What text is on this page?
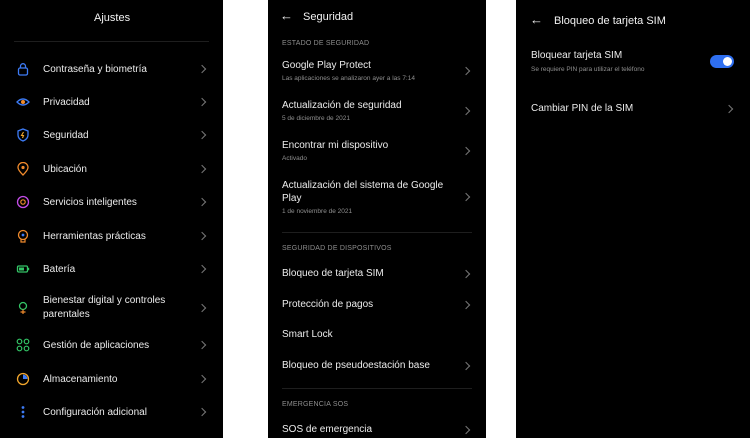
Ajustes
Contraseña y biometría
Privacidad
Seguridad
Ubicación
Servicios inteligentes
Herramientas prácticas
Batería
Bienestar digital y controles parentales
Gestión de aplicaciones
Almacenamiento
Configuración adicional
← Seguridad
ESTADO DE SEGURIDAD
Google Play Protect
Las aplicaciones se analizaron ayer a las 7:14
Actualización de seguridad
5 de diciembre de 2021
Encontrar mi dispositivo
Activado
Actualización del sistema de Google
Play
1 de noviembre de 2021
SEGURIDAD DE DISPOSITIVOS
Bloqueo de tarjeta SIM
Protección de pagos
Smart Lock
Bloqueo de pseudoestación base
EMERGENCIA SOS
SOS de emergencia
← Bloqueo de tarjeta SIM
Bloquear tarjeta SIM
Se requiere PIN para utilizar el teléfono
Cambiar PIN de la SIM
